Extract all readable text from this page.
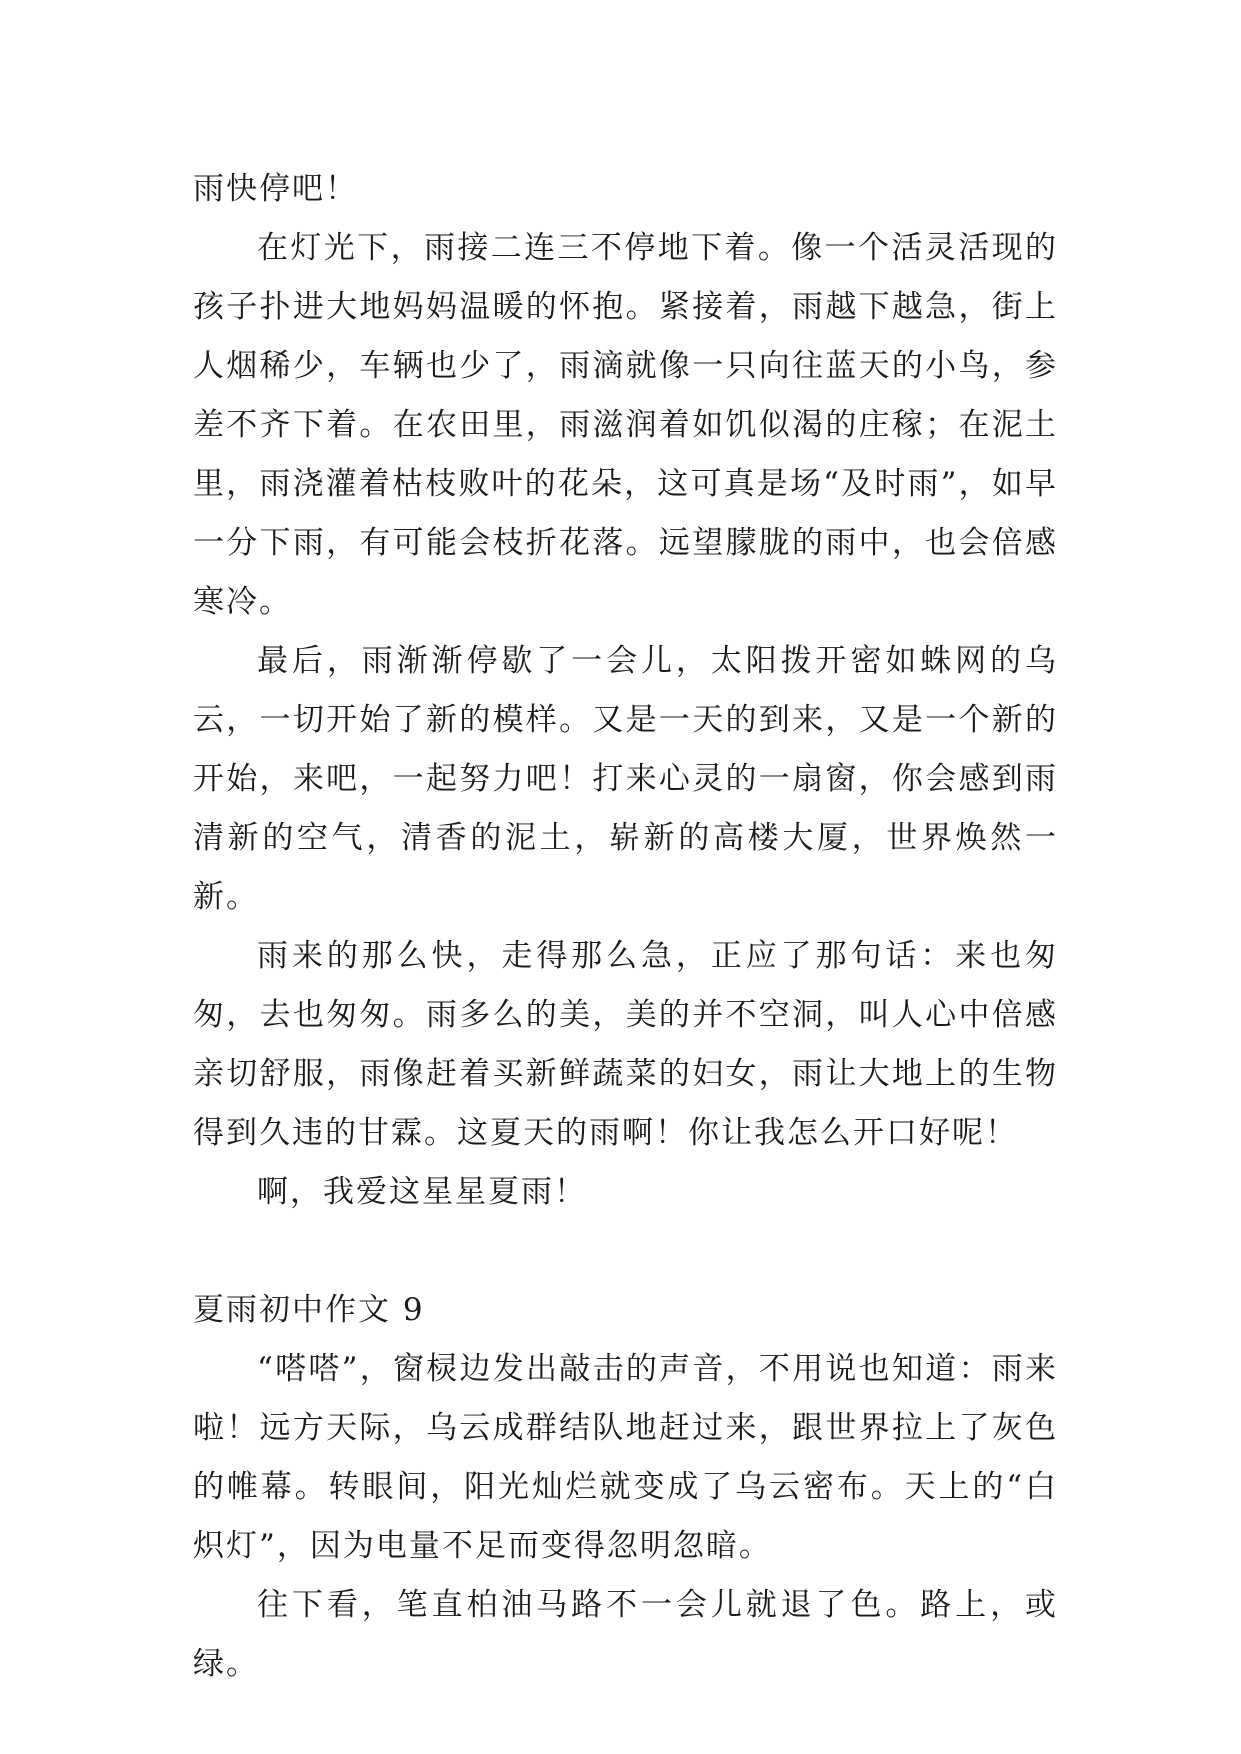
雨快停吧！

在灯光下，雨接二连三不停地下着。像一个活灵活现的孩子扑进大地妈妈温暖的怀抱。紧接着，雨越下越急，街上人烟稀少，车辆也少了，雨滴就像一只向往蓝天的小鸟，参差不齐下着。在农田里，雨滋润着如饥似渴的庄稼；在泥土里，雨浇灌着枯枝败叶的花朵，这可真是场“及时雨”，如早一分下雨，有可能会枝折花落。远望朦胧的雨中，也会倍感寒冷。

最后，雨渐渐停歇了一会儿，太阳拨开密如蛛网的乌云，一切开始了新的模样。又是一天的到来，又是一个新的开始，来吧，一起努力吧！打来心灵的一扇窗，你会感到雨清新的空气，清香的泥土，崭新的高楼大厦，世界焕然一新。

雨来的那么快，走得那么急，正应了那句话：来也匆匆，去也匆匆。雨多么的美，美的并不空洞，叫人心中倍感亲切舒服，雨像赶着买新鲜蔬菜的妇女，雨让大地上的生物得到久违的甘霖。这夏天的雨啊！你让我怎么开口好呢！

啊，我爱这星星夏雨！

夏雨初中作文 9

“嗒嗒”，窗棂边发出敲击的声音，不用说也知道：雨来啦！远方天际，乌云成群结队地赶过来，跟世界拉上了灰色的帷幕。转眼间，阳光灿烂就变成了乌云密布。天上的“白炽灯”，因为电量不足而变得忽明忽暗。

往下看，笔直柏油马路不一会儿就退了色。路上，或绿。
